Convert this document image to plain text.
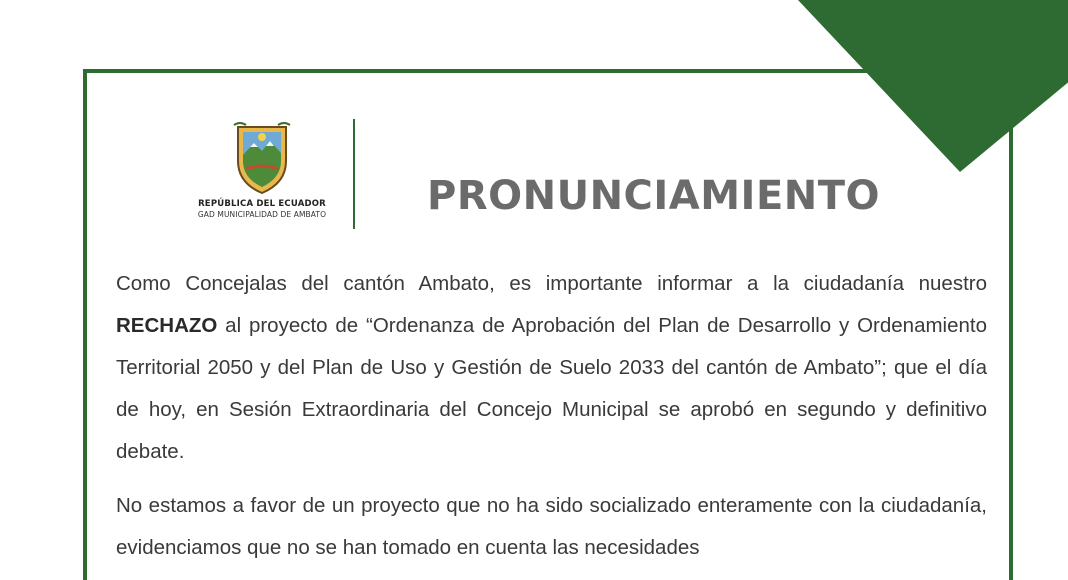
REPÚBLICA DEL ECUADOR
GAD MUNICIPALIDAD DE AMBATO	PRONUNCIAMIENTO

Como Concejalas del cantón Ambato, es importante informar a la ciudadanía nuestro RECHAZO al proyecto de “Ordenanza de Aprobación del Plan de Desarrollo y Ordenamiento Territorial 2050 y del Plan de Uso y Gestión de Suelo 2033 del cantón de Ambato”; que el día de hoy, en Sesión Extraordinaria del Concejo Municipal se aprobó en segundo y definitivo debate.

No estamos a favor de un proyecto que no ha sido socializado enteramente con la ciudadanía, evidenciamos que no se han tomado en cuenta las necesidades
